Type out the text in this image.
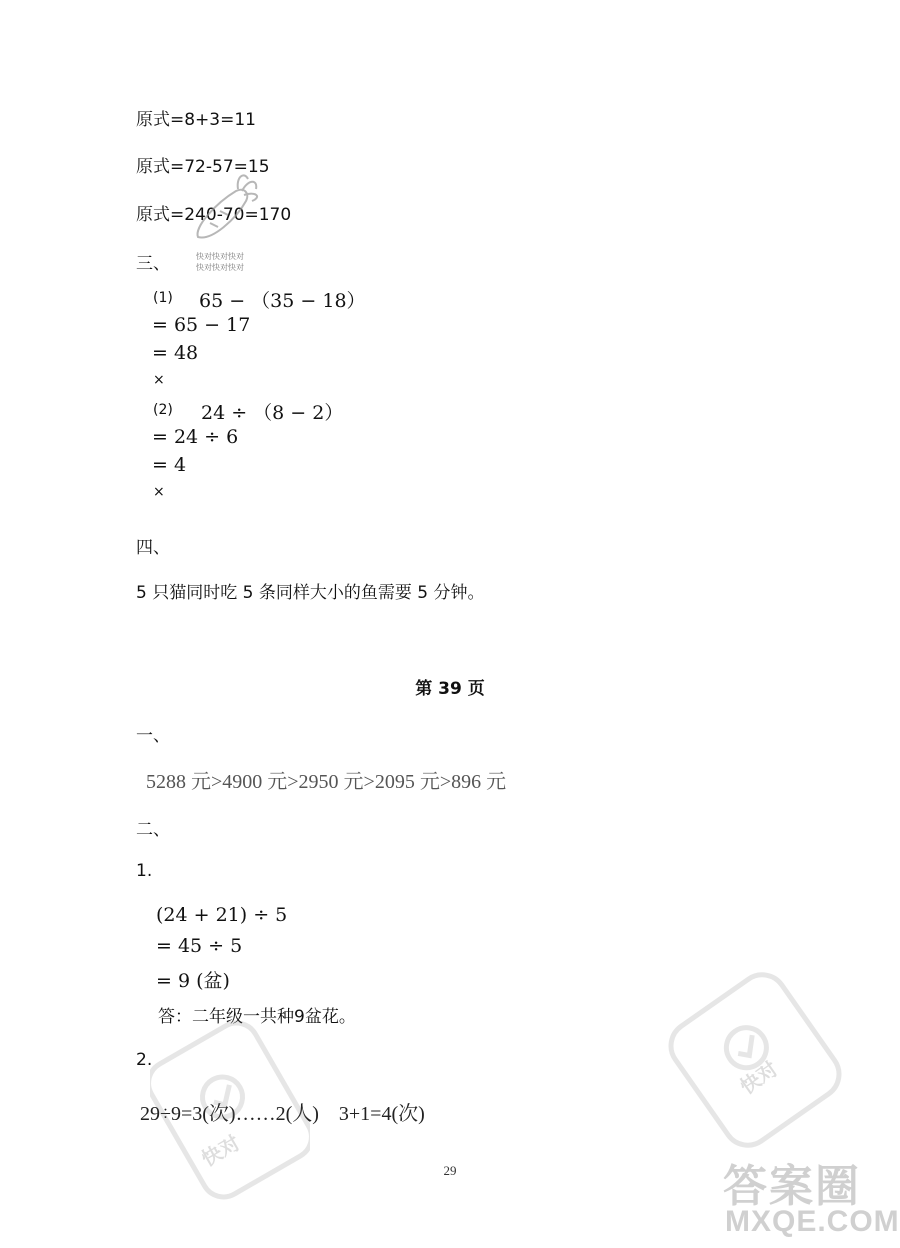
原式=8+3=11
原式=72-57=15
原式=240-70=170
快对快对快对
快对快对快对
三、
(1) 65 − （35 − 18）
= 65 − 17
= 48
×
(2) 24 ÷ （8 − 2）
= 24 ÷ 6
= 4
×
四、
5 只猫同时吃 5 条同样大小的鱼需要 5 分钟。
第 39 页
一、
5288 元>4900 元>2950 元>2095 元>896 元
二、
1.
(24 + 21) ÷ 5
= 45 ÷ 5
= 9 (盆)
答：二年级一共种9盆花。
2.
29÷9=3(次)……2(人)　3+1=4(次)
快对
快对
答案圈
MXQE.COM
29
